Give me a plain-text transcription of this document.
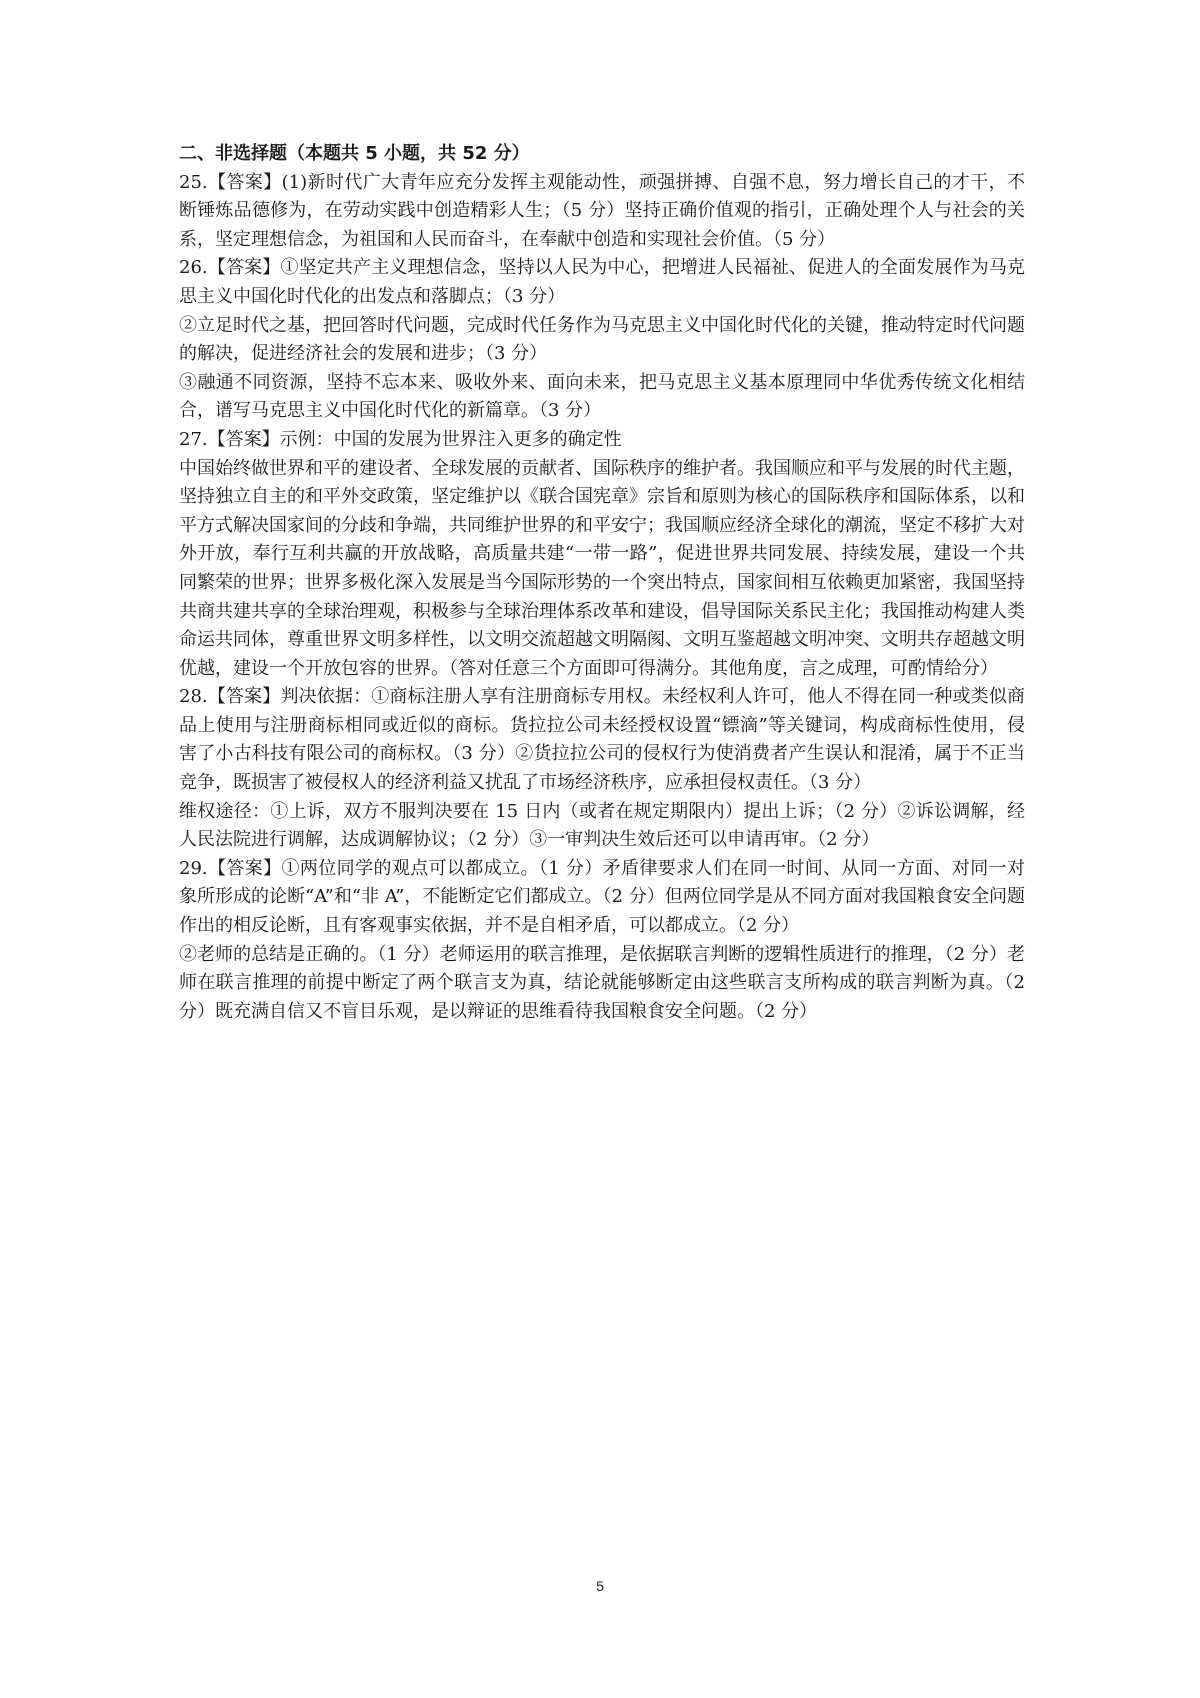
二、非选择题（本题共 5 小题，共 52 分）

25.【答案】(1)新时代广大青年应充分发挥主观能动性，顽强拼搏、自强不息，努力增长自己的才干，不断锤炼品德修为，在劳动实践中创造精彩人生；（5 分）坚持正确价值观的指引，正确处理个人与社会的关系，坚定理想信念，为祖国和人民而奋斗，在奉献中创造和实现社会价值。（5 分）

26.【答案】①坚定共产主义理想信念，坚持以人民为中心，把增进人民福祉、促进人的全面发展作为马克思主义中国化时代化的出发点和落脚点；（3 分）

②立足时代之基，把回答时代问题，完成时代任务作为马克思主义中国化时代化的关键，推动特定时代问题的解决，促进经济社会的发展和进步；（3 分）

③融通不同资源，坚持不忘本来、吸收外来、面向未来，把马克思主义基本原理同中华优秀传统文化相结合，谱写马克思主义中国化时代化的新篇章。（3 分）

27.【答案】示例：中国的发展为世界注入更多的确定性

中国始终做世界和平的建设者、全球发展的贡献者、国际秩序的维护者。我国顺应和平与发展的时代主题，坚持独立自主的和平外交政策，坚定维护以《联合国宪章》宗旨和原则为核心的国际秩序和国际体系，以和平方式解决国家间的分歧和争端，共同维护世界的和平安宁；我国顺应经济全球化的潮流，坚定不移扩大对外开放，奉行互利共赢的开放战略，高质量共建“一带一路”，促进世界共同发展、持续发展，建设一个共同繁荣的世界；世界多极化深入发展是当今国际形势的一个突出特点，国家间相互依赖更加紧密，我国坚持共商共建共享的全球治理观，积极参与全球治理体系改革和建设，倡导国际关系民主化；我国推动构建人类命运共同体，尊重世界文明多样性，以文明交流超越文明隔阂、文明互鉴超越文明冲突、文明共存超越文明优越，建设一个开放包容的世界。（答对任意三个方面即可得满分。其他角度，言之成理，可酌情给分）

28.【答案】判决依据：①商标注册人享有注册商标专用权。未经权利人许可，他人不得在同一种或类似商品上使用与注册商标相同或近似的商标。货拉拉公司未经授权设置“镖滴”等关键词，构成商标性使用，侵害了小古科技有限公司的商标权。（3 分）②货拉拉公司的侵权行为使消费者产生误认和混淆，属于不正当竞争，既损害了被侵权人的经济利益又扰乱了市场经济秩序，应承担侵权责任。（3 分）

维权途径：①上诉，双方不服判决要在 15 日内（或者在规定期限内）提出上诉；（2 分）②诉讼调解，经人民法院进行调解，达成调解协议；（2 分）③一审判决生效后还可以申请再审。（2 分）

29.【答案】①两位同学的观点可以都成立。（1 分）矛盾律要求人们在同一时间、从同一方面、对同一对象所形成的论断“A”和“非 A”，不能断定它们都成立。（2 分）但两位同学是从不同方面对我国粮食安全问题作出的相反论断，且有客观事实依据，并不是自相矛盾，可以都成立。（2 分）

②老师的总结是正确的。（1 分）老师运用的联言推理，是依据联言判断的逻辑性质进行的推理，（2 分）老师在联言推理的前提中断定了两个联言支为真，结论就能够断定由这些联言支所构成的联言判断为真。（2 分）既充满自信又不盲目乐观，是以辩证的思维看待我国粮食安全问题。（2 分）

5
